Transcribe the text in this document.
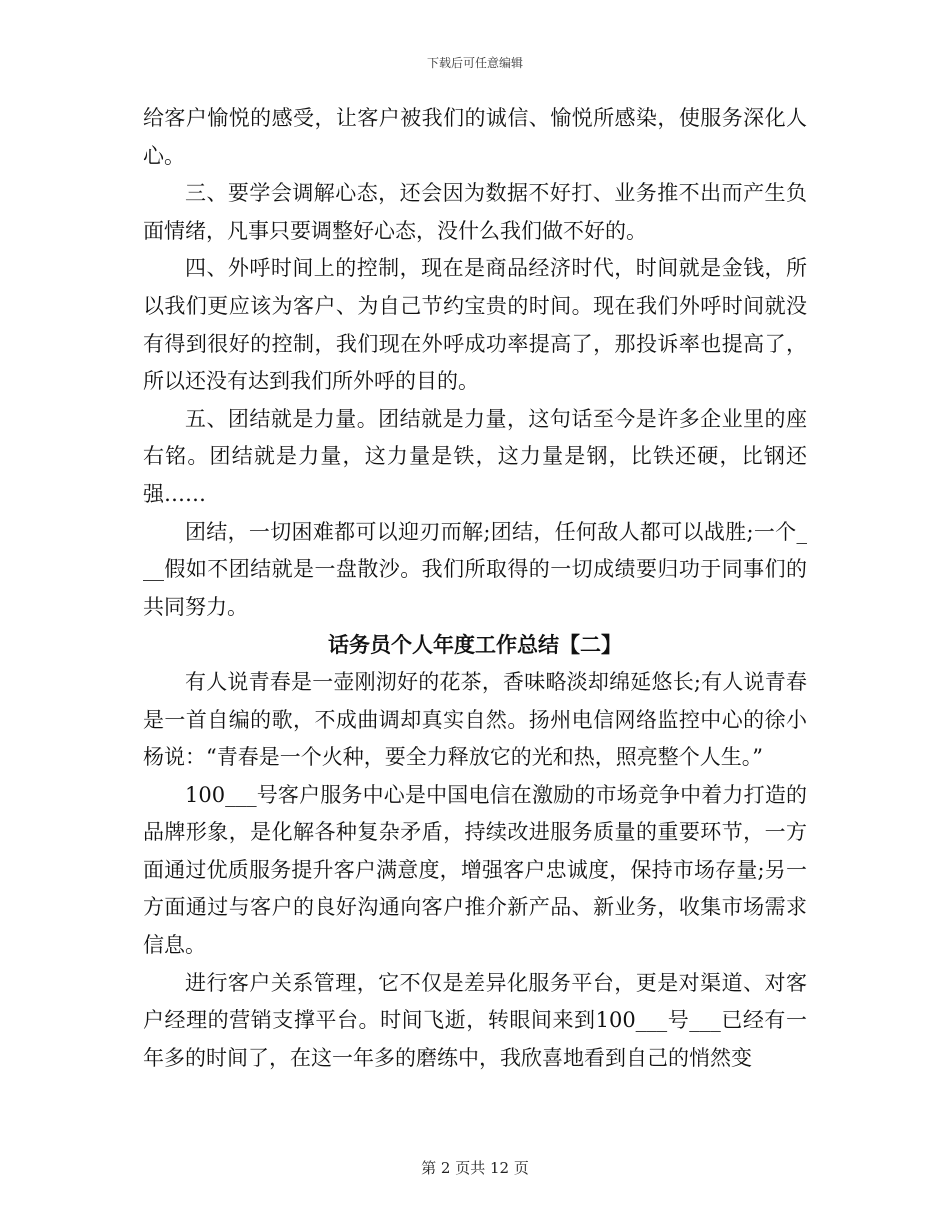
下载后可任意编辑

给客户愉悦的感受，让客户被我们的诚信、愉悦所感染，使服务深化人心。

三、要学会调解心态，还会因为数据不好打、业务推不出而产生负面情绪，凡事只要调整好心态，没什么我们做不好的。

四、外呼时间上的控制，现在是商品经济时代，时间就是金钱，所以我们更应该为客户、为自己节约宝贵的时间。现在我们外呼时间就没有得到很好的控制，我们现在外呼成功率提高了，那投诉率也提高了，所以还没有达到我们所外呼的目的。

五、团结就是力量。团结就是力量，这句话至今是许多企业里的座右铭。团结就是力量，这力量是铁，这力量是钢，比铁还硬，比钢还强……

团结，一切困难都可以迎刃而解;团结，任何敌人都可以战胜;一个___假如不团结就是一盘散沙。我们所取得的一切成绩要归功于同事们的共同努力。

话务员个人年度工作总结【二】

有人说青春是一壶刚沏好的花茶，香味略淡却绵延悠长;有人说青春是一首自编的歌，不成曲调却真实自然。扬州电信网络监控中心的徐小杨说：“青春是一个火种，要全力释放它的光和热，照亮整个人生。”

100___号客户服务中心是中国电信在激励的市场竞争中着力打造的品牌形象，是化解各种复杂矛盾，持续改进服务质量的重要环节，一方面通过优质服务提升客户满意度，增强客户忠诚度，保持市场存量;另一方面通过与客户的良好沟通向客户推介新产品、新业务，收集市场需求信息。

进行客户关系管理，它不仅是差异化服务平台，更是对渠道、对客户经理的营销支撑平台。时间飞逝，转眼间来到100___号___已经有一年多的时间了，在这一年多的磨练中，我欣喜地看到自己的悄然变

第 2 页共 12 页
